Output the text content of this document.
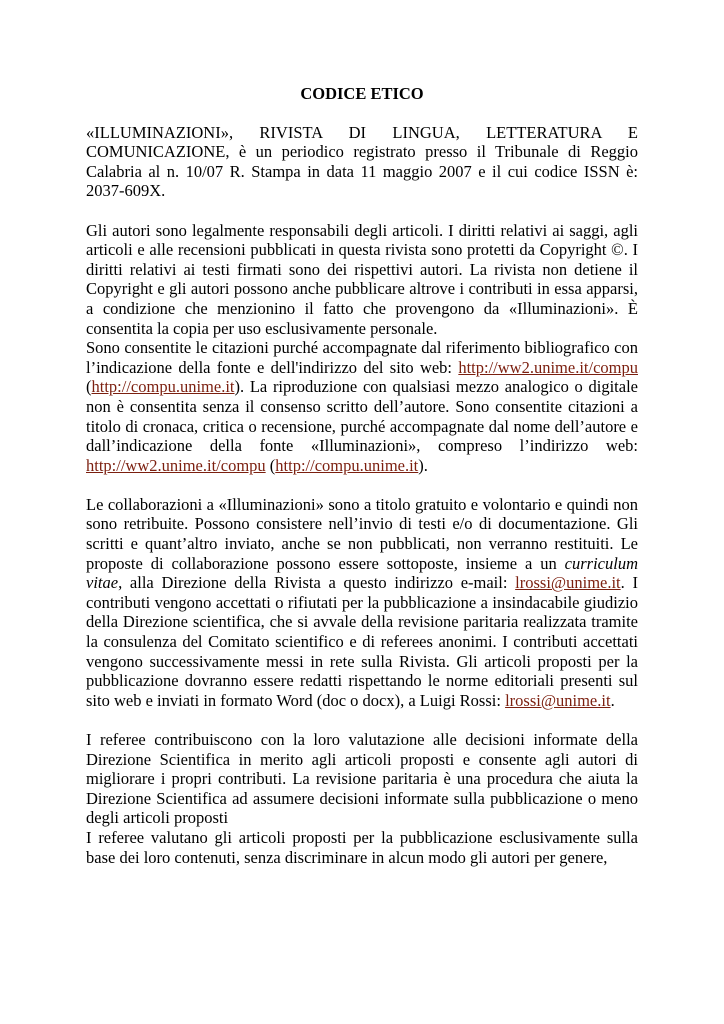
CODICE ETICO

«ILLUMINAZIONI», RIVISTA DI LINGUA, LETTERATURA E COMUNICAZIONE, è un periodico registrato presso il Tribunale di Reggio Calabria al n. 10/07 R. Stampa in data 11 maggio 2007 e il cui codice ISSN è: 2037-609X.

Gli autori sono legalmente responsabili degli articoli. I diritti relativi ai saggi, agli articoli e alle recensioni pubblicati in questa rivista sono protetti da Copyright ©. I diritti relativi ai testi firmati sono dei rispettivi autori. La rivista non detiene il Copyright e gli autori possono anche pubblicare altrove i contributi in essa apparsi, a condizione che menzionino il fatto che provengono da «Illuminazioni». È consentita la copia per uso esclusivamente personale.

Sono consentite le citazioni purché accompagnate dal riferimento bibliografico con l’indicazione della fonte e dell'indirizzo del sito web: http://ww2.unime.it/compu (http://compu.unime.it). La riproduzione con qualsiasi mezzo analogico o digitale non è consentita senza il consenso scritto dell’autore. Sono consentite citazioni a titolo di cronaca, critica o recensione, purché accompagnate dal nome dell’autore e dall’indicazione della fonte «Illuminazioni», compreso l’indirizzo web: http://ww2.unime.it/compu (http://compu.unime.it).

Le collaborazioni a «Illuminazioni» sono a titolo gratuito e volontario e quindi non sono retribuite. Possono consistere nell’invio di testi e/o di documentazione. Gli scritti e quant’altro inviato, anche se non pubblicati, non verranno restituiti. Le proposte di collaborazione possono essere sottoposte, insieme a un curriculum vitae, alla Direzione della Rivista a questo indirizzo e-mail: lrossi@unime.it. I contributi vengono accettati o rifiutati per la pubblicazione a insindacabile giudizio della Direzione scientifica, che si avvale della revisione paritaria realizzata tramite la consulenza del Comitato scientifico e di referees anonimi. I contributi accettati vengono successivamente messi in rete sulla Rivista. Gli articoli proposti per la pubblicazione dovranno essere redatti rispettando le norme editoriali presenti sul sito web e inviati in formato Word (doc o docx), a Luigi Rossi: lrossi@unime.it.

I referee contribuiscono con la loro valutazione alle decisioni informate della Direzione Scientifica in merito agli articoli proposti e consente agli autori di migliorare i propri contributi. La revisione paritaria è una procedura che aiuta la Direzione Scientifica ad assumere decisioni informate sulla pubblicazione o meno degli articoli proposti

I referee valutano gli articoli proposti per la pubblicazione esclusivamente sulla base dei loro contenuti, senza discriminare in alcun modo gli autori per genere,
